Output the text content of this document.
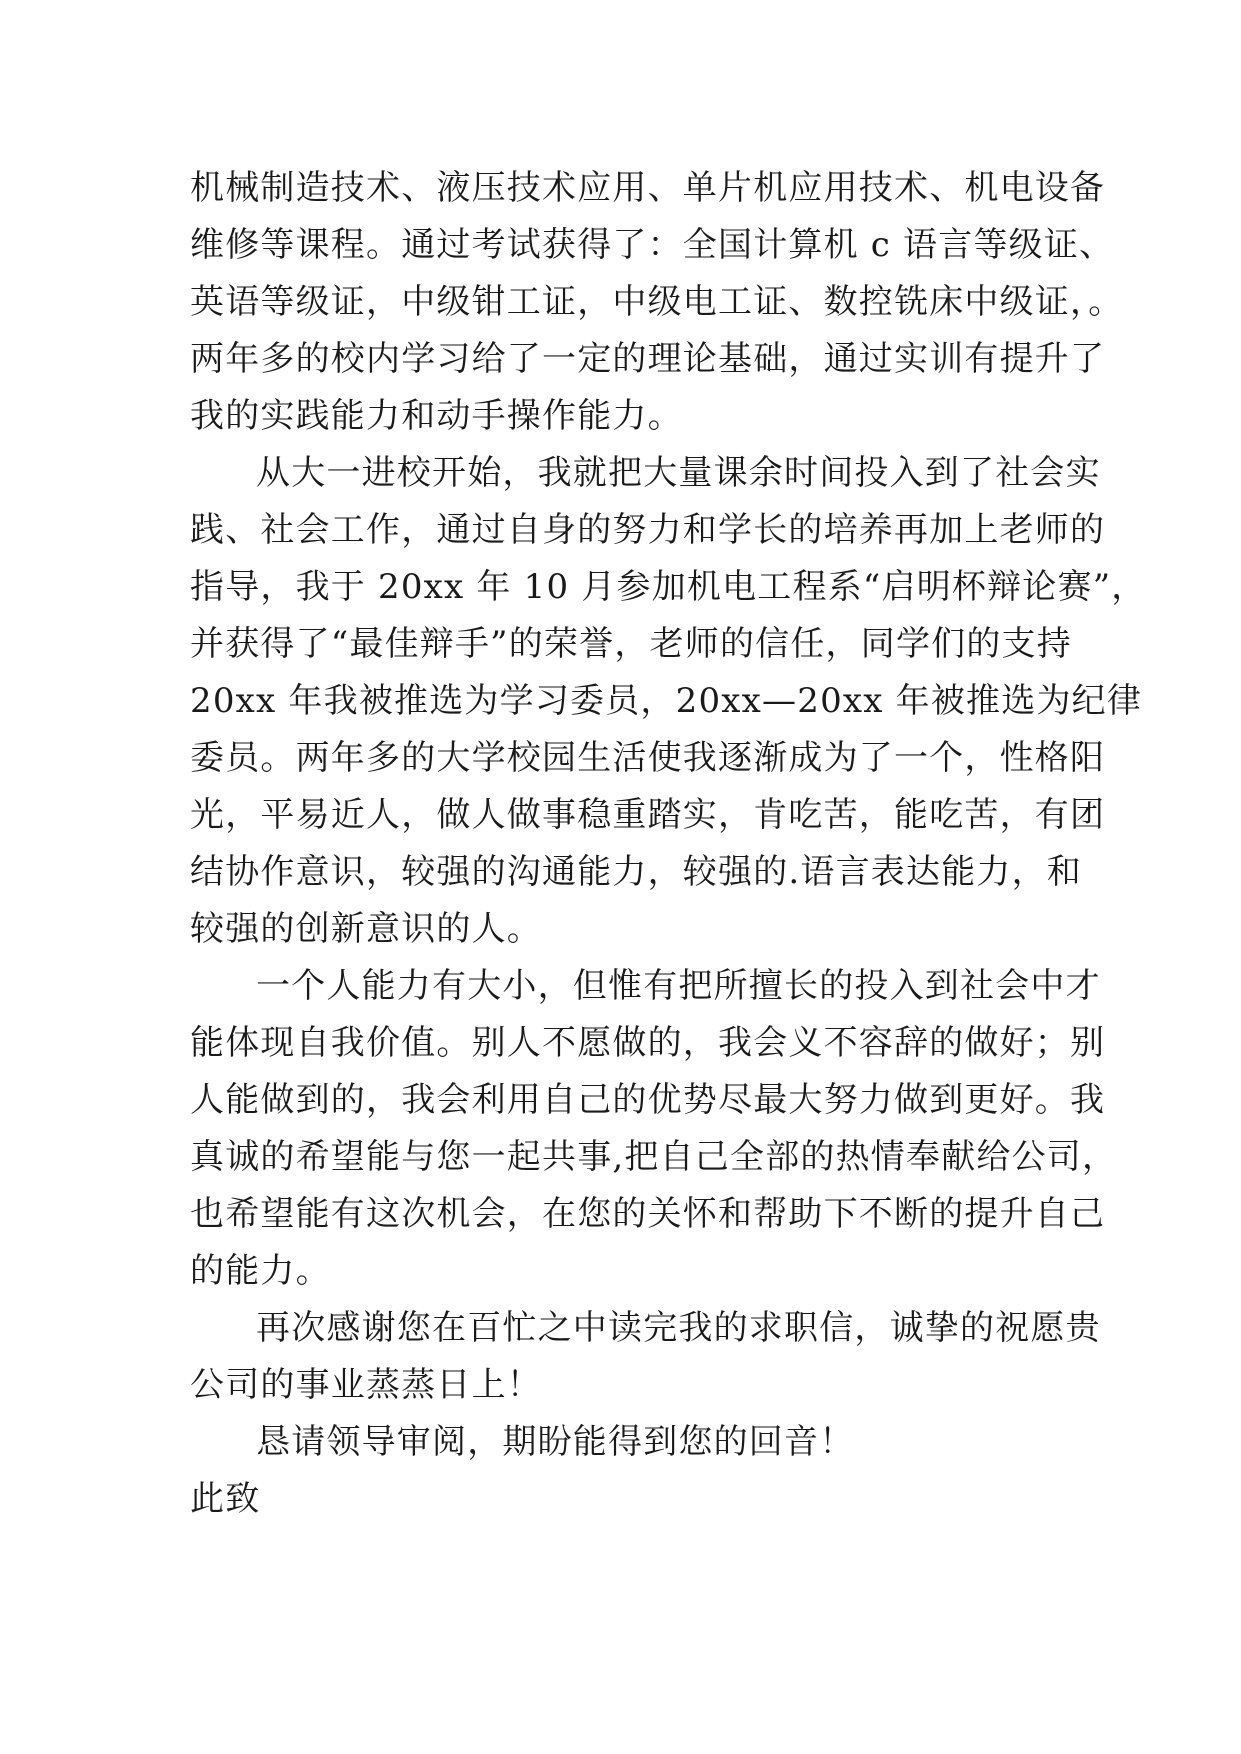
机械制造技术、液压技术应用、单片机应用技术、机电设备
维修等课程。通过考试获得了：全国计算机 c 语言等级证、
英语等级证，中级钳工证，中级电工证、数控铣床中级证，。
两年多的校内学习给了一定的理论基础，通过实训有提升了
我的实践能力和动手操作能力。
从大一进校开始，我就把大量课余时间投入到了社会实
践、社会工作，通过自身的努力和学长的培养再加上老师的
指导，我于 20xx 年 10 月参加机电工程系“启明杯辩论赛”，
并获得了“最佳辩手”的荣誉，老师的信任，同学们的支持
20xx 年我被推选为学习委员，20xx—20xx 年被推选为纪律
委员。两年多的大学校园生活使我逐渐成为了一个，性格阳
光，平易近人，做人做事稳重踏实，肯吃苦，能吃苦，有团
结协作意识，较强的沟通能力，较强的.语言表达能力，和
较强的创新意识的人。
一个人能力有大小，但惟有把所擅长的投入到社会中才
能体现自我价值。别人不愿做的，我会义不容辞的做好；别
人能做到的，我会利用自己的优势尽最大努力做到更好。我
真诚的希望能与您一起共事,把自己全部的热情奉献给公司，
也希望能有这次机会，在您的关怀和帮助下不断的提升自己
的能力。
再次感谢您在百忙之中读完我的求职信，诚挚的祝愿贵
公司的事业蒸蒸日上！
恳请领导审阅，期盼能得到您的回音！
此致
